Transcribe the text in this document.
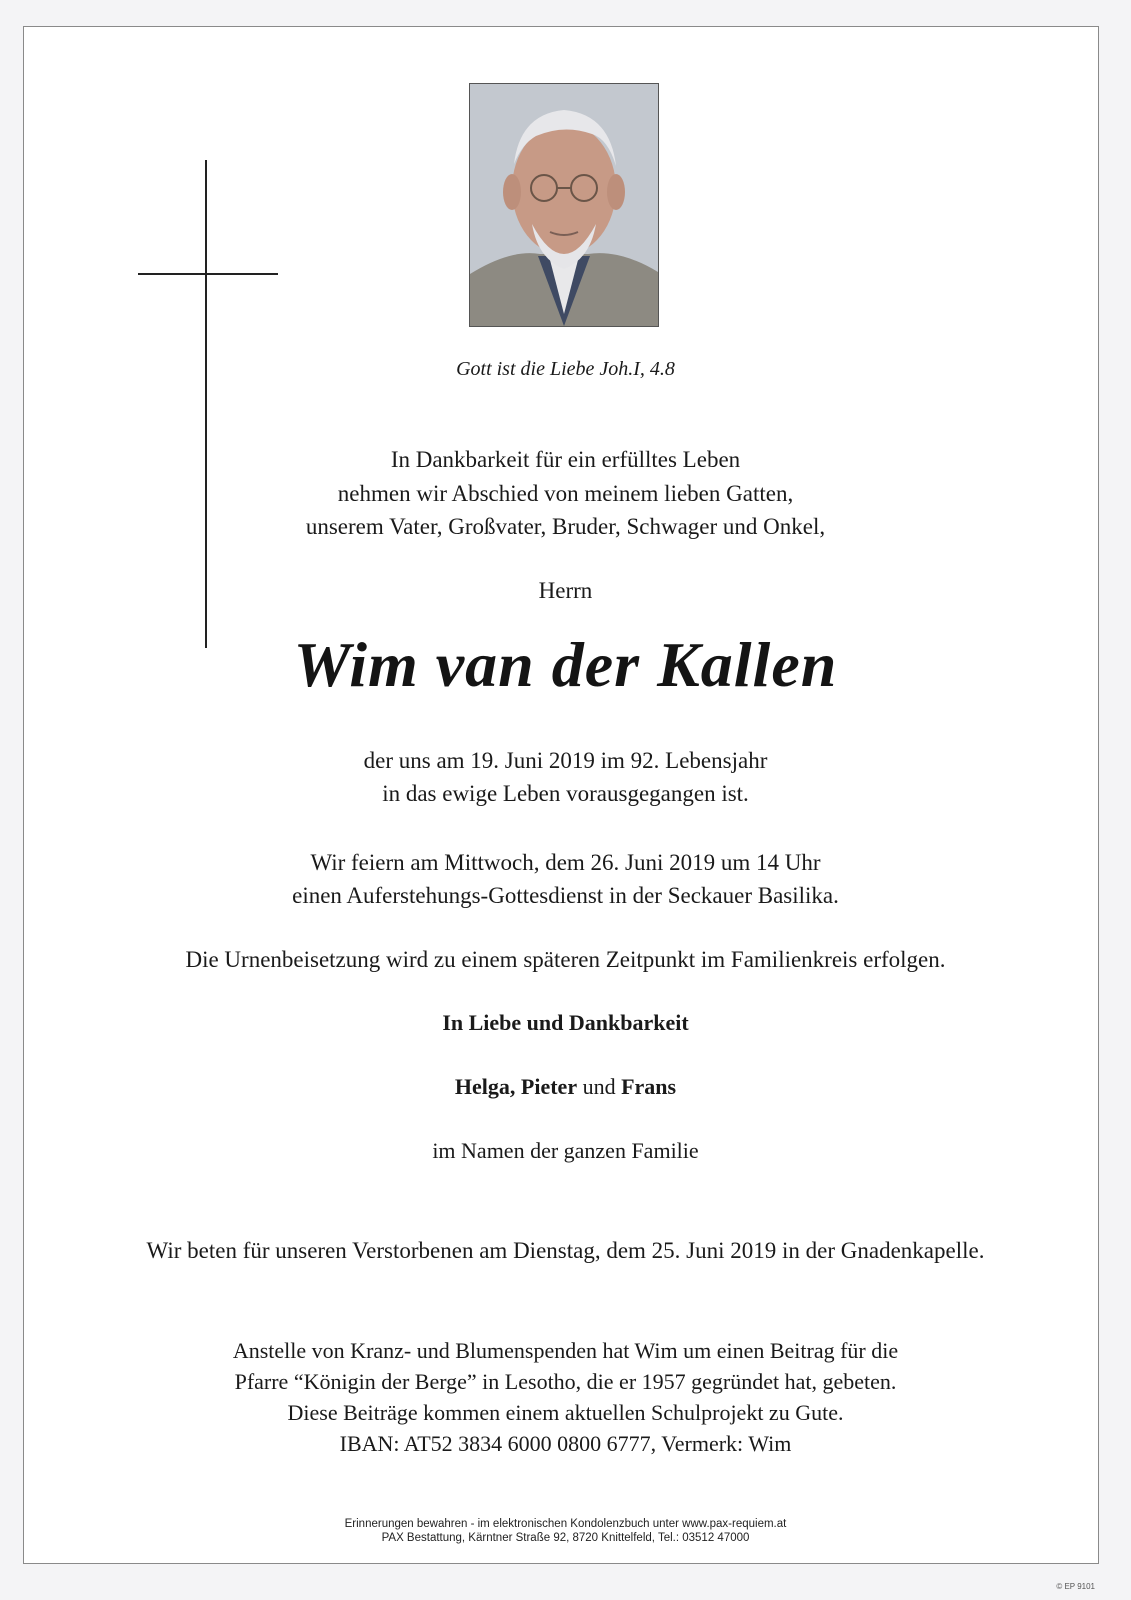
Gott ist die Liebe Joh.I, 4.8
In Dankbarkeit für ein erfülltes Leben
nehmen wir Abschied von meinem lieben Gatten,
unserem Vater, Großvater, Bruder, Schwager und Onkel,
Herrn
Wim van der Kallen
der uns am 19. Juni 2019 im 92. Lebensjahr
in das ewige Leben vorausgegangen ist.
Wir feiern am Mittwoch, dem 26. Juni 2019 um 14 Uhr
einen Auferstehungs-Gottesdienst in der Seckauer Basilika.
Die Urnenbeisetzung wird zu einem späteren Zeitpunkt im Familienkreis erfolgen.
In Liebe und Dankbarkeit
Helga, Pieter und Frans
im Namen der ganzen Familie
Wir beten für unseren Verstorbenen am Dienstag, dem 25. Juni 2019 in der Gnadenkapelle.
Anstelle von Kranz- und Blumenspenden hat Wim um einen Beitrag für die
Pfarre “Königin der Berge” in Lesotho, die er 1957 gegründet hat, gebeten.
Diese Beiträge kommen einem aktuellen Schulprojekt zu Gute.
IBAN: AT52 3834 6000 0800 6777, Vermerk: Wim
Erinnerungen bewahren - im elektronischen Kondolenzbuch unter www.pax-requiem.at
PAX Bestattung, Kärntner Straße 92, 8720 Knittelfeld, Tel.: 03512 47000
© EP 9101
